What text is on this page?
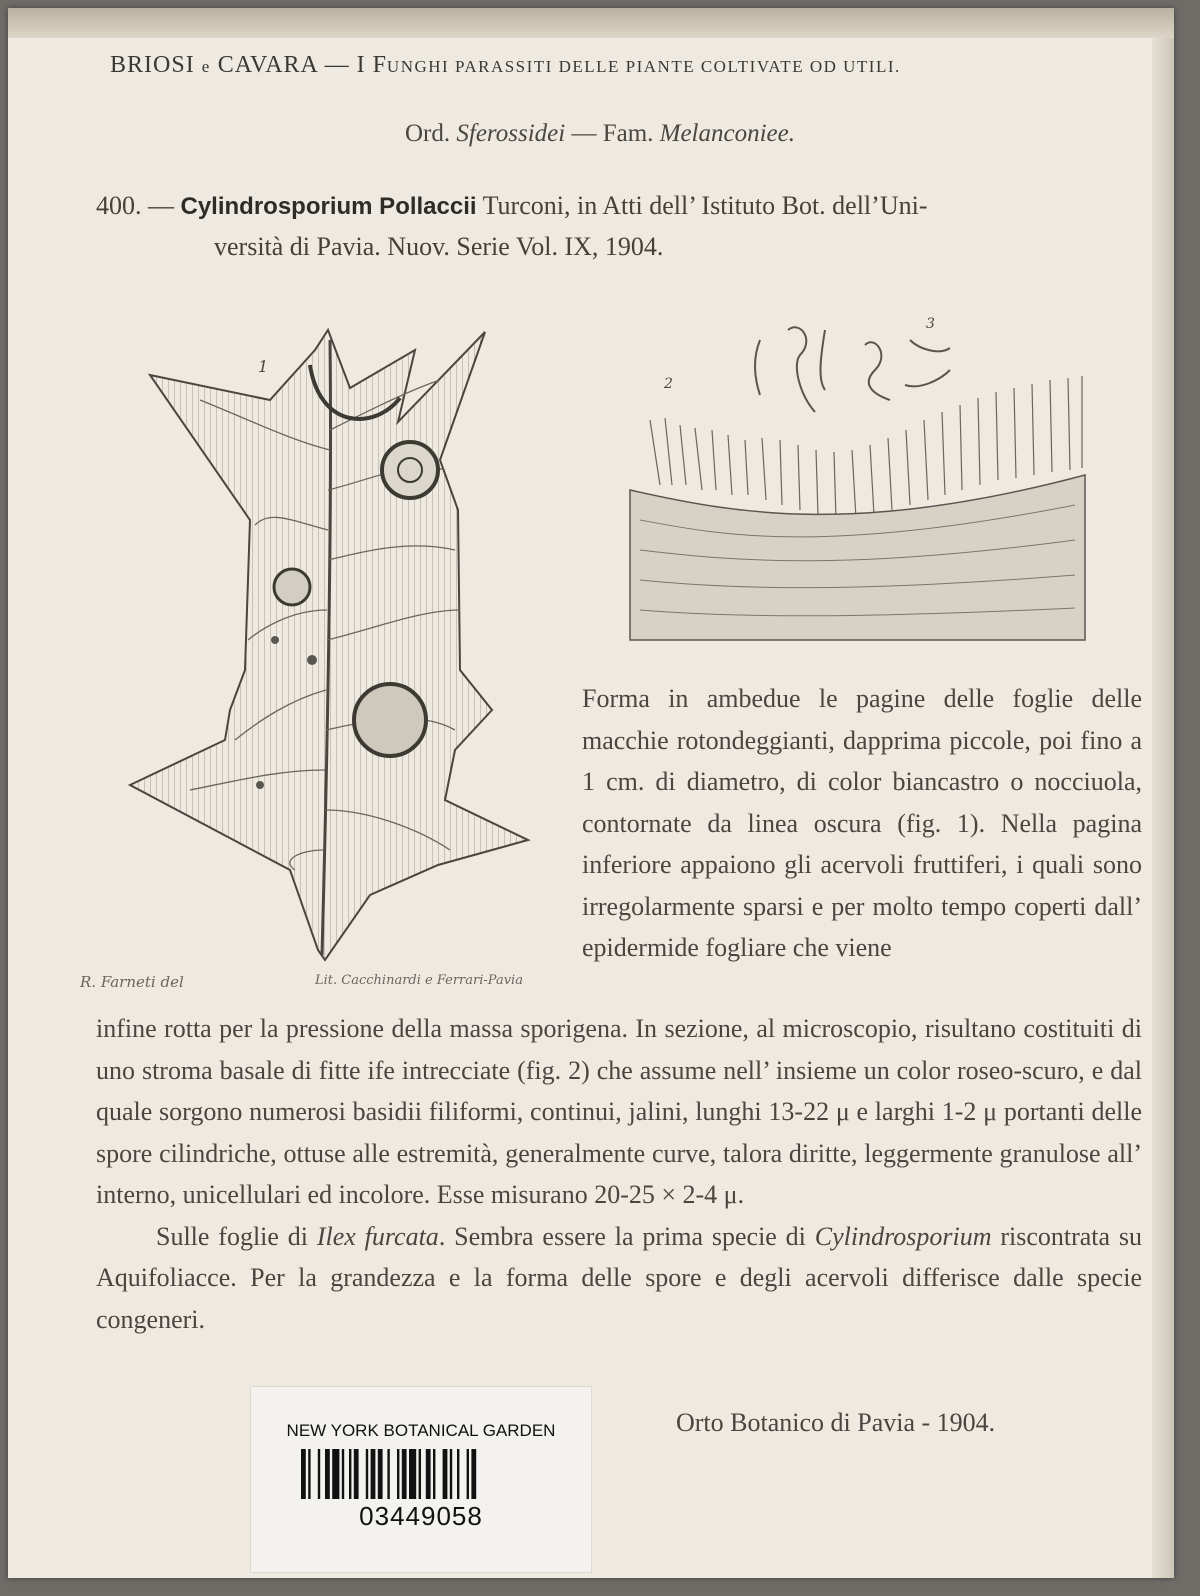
BRIOSI e CAVARA — I FUNGHI PARASSITI DELLE PIANTE COLTIVATE OD UTILI.
Ord. Sferossidei — Fam. Melanconiee.
400. — Cylindrosporium Pollaccii Turconi, in Atti dell’ Istituto Bot. dell’Uni-
versità di Pavia. Nuov. Serie Vol. IX, 1904.
1
3
2
R. Farneti del	Lit. Cacchinardi e Ferrari-Pavia
Forma in ambedue le pagine delle foglie delle macchie rotondeggianti, dapprima piccole, poi fino a 1 cm. di diametro, di color biancastro o nocciuola, contornate da linea oscura (fig. 1). Nella pagina inferiore appaiono gli acervoli fruttiferi, i quali sono irregolarmente sparsi e per molto tempo coperti dall’ epidermide fogliare che viene
infine rotta per la pressione della massa sporigena. In sezione, al microscopio, risultano costituiti di uno stroma basale di fitte ife intrecciate (fig. 2) che assume nell’ insieme un color roseo-scuro, e dal quale sorgono numerosi basidii filiformi, continui, jalini, lunghi 13-22 μ e larghi 1-2 μ portanti delle spore cilindriche, ottuse alle estremità, generalmente curve, talora diritte, leggermente granulose all’ interno, unicellulari ed incolore. Esse misurano 20-25 × 2-4 μ.
Sulle foglie di Ilex furcata. Sembra essere la prima specie di Cylindrosporium riscontrata su Aquifoliacce. Per la grandezza e la forma delle spore e degli acervoli differisce dalle specie congeneri.
Orto Botanico di Pavia - 1904.
NEW YORK BOTANICAL GARDEN
03449058
